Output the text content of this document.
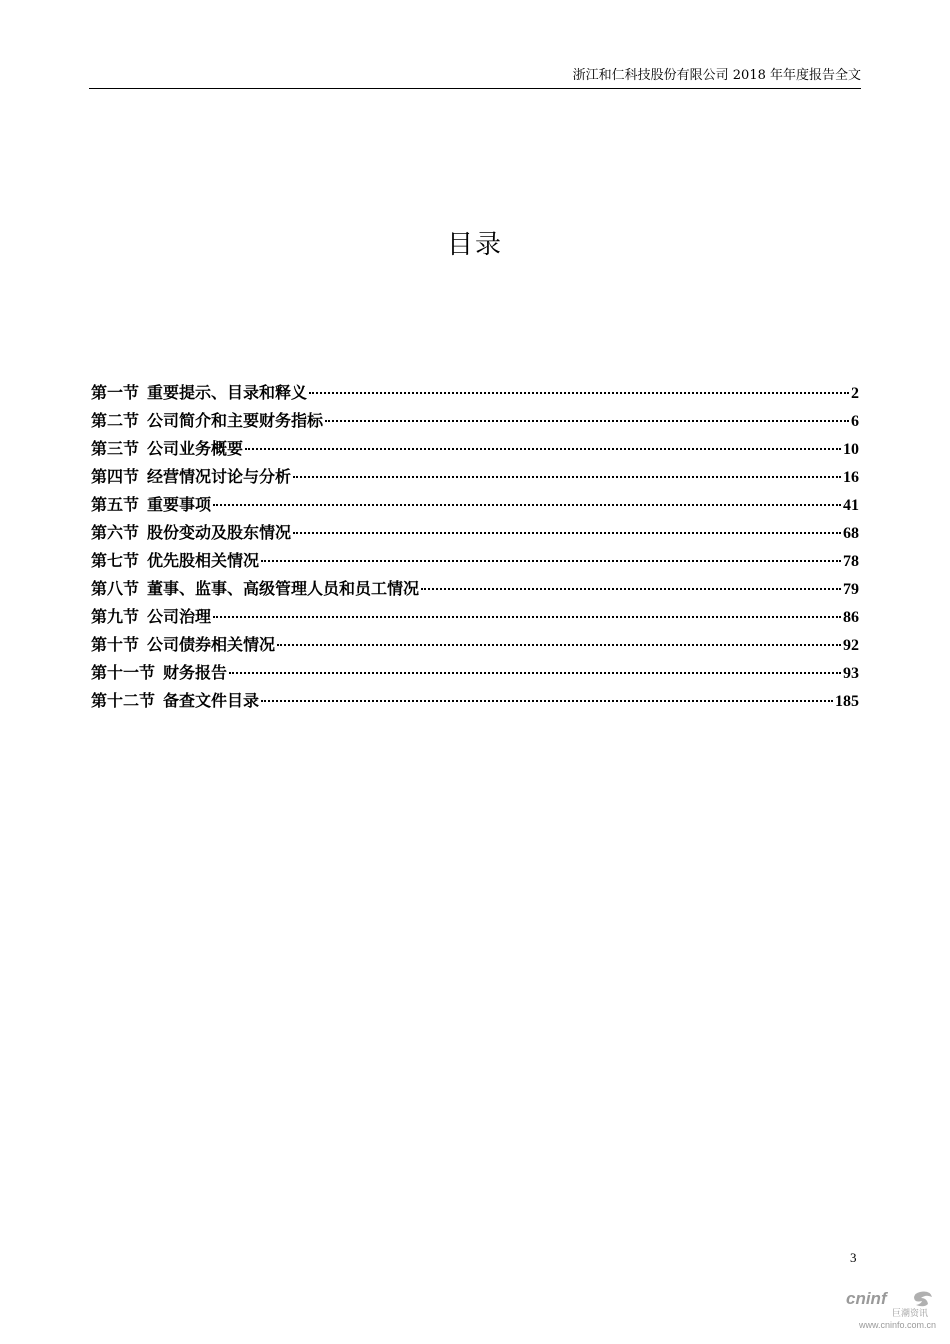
浙江和仁科技股份有限公司 2018 年年度报告全文
目录
第一节 重要提示、目录和释义	2
第二节 公司简介和主要财务指标	6
第三节 公司业务概要	10
第四节 经营情况讨论与分析	16
第五节 重要事项	41
第六节 股份变动及股东情况	68
第七节 优先股相关情况	78
第八节 董事、监事、高级管理人员和员工情况	79
第九节 公司治理	86
第十节 公司债券相关情况	92
第十一节 财务报告	93
第十二节 备查文件目录	185
3
cninf
巨潮资讯
www.cninfo.com.cn
